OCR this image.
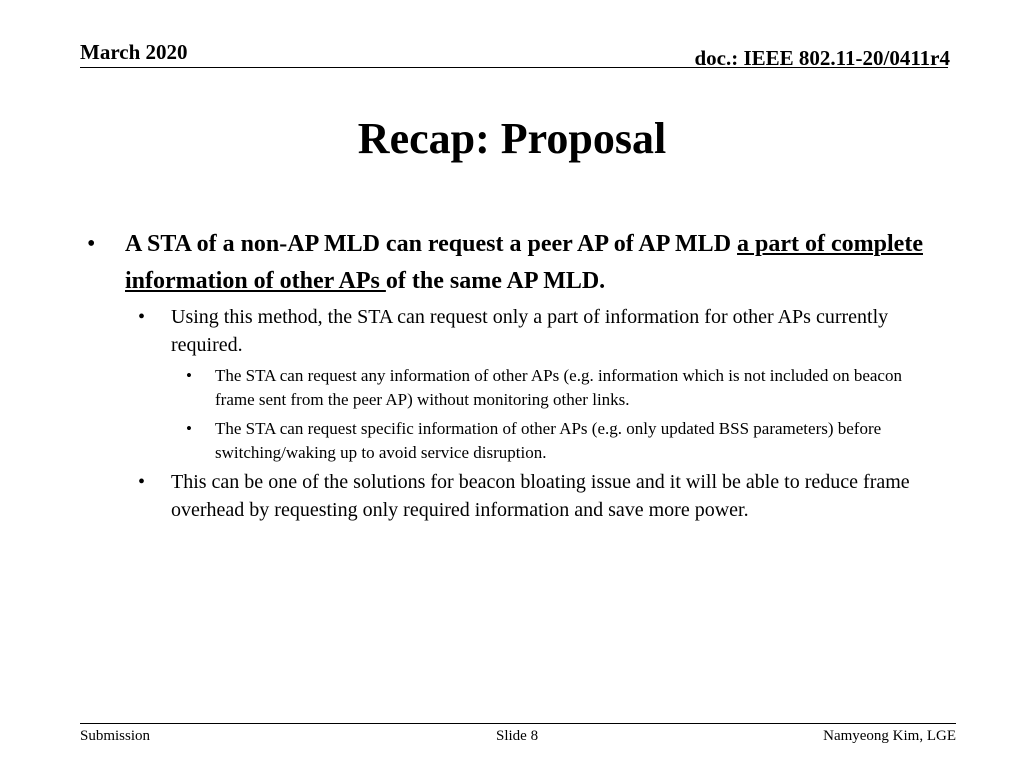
March 2020	doc.: IEEE 802.11-20/0411r4
Recap: Proposal
• A STA of a non-AP MLD can request a peer AP of AP MLD a part of complete information of other APs of the same AP MLD.
• Using this method, the STA can request only a part of information for other APs currently required.
• The STA can request any information of other APs (e.g. information which is not included on beacon frame sent from the peer AP) without monitoring other links.
• The STA can request specific information of other APs (e.g. only updated BSS parameters) before switching/waking up to avoid service disruption.
• This can be one of the solutions for beacon bloating issue and it will be able to reduce frame overhead by requesting only required information and save more power.
Submission	Slide 8	Namyeong Kim, LGE
